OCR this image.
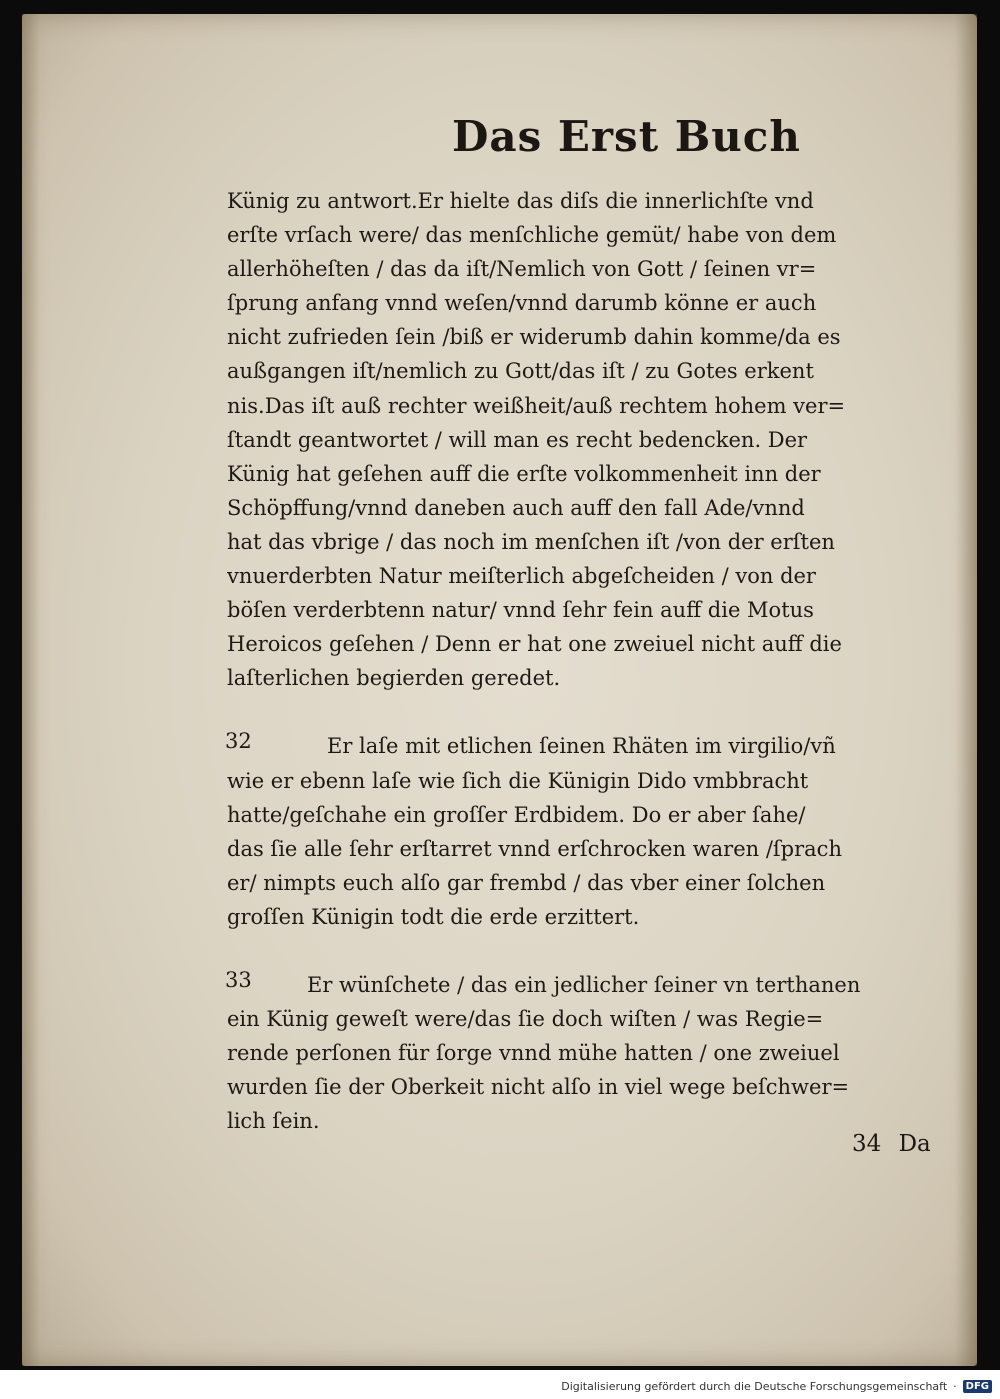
Das Erst Buch
Künig zu antwort.Er hielte das diſs die innerlichſte vnd
erſte vrſach were/ das menſchliche gemüt/ habe von dem
allerhöheſten / das da iſt/Nemlich von Gott / ſeinen vr=
ſprung anfang vnnd weſen/vnnd darumb könne er auch
nicht zufrieden ſein /biß er widerumb dahin komme/da es
außgangen iſt/nemlich zu Gott/das iſt / zu Gotes erkent
nis.Das iſt auß rechter weißheit/auß rechtem hohem ver=
ſtandt geantwortet / will man es recht bedencken. Der
Künig hat geſehen auff die erſte volkommenheit inn der
Schöpffung/vnnd daneben auch auff den fall Ade/vnnd
hat das vbrige / das noch im menſchen iſt /von der erſten
vnuerderbten Natur meiſterlich abgeſcheiden / von der
böſen verderbtenn natur/ vnnd ſehr fein auff die Motus
Heroicos geſehen / Denn er hat one zweiuel nicht auff die
laſterlichen begierden geredet.
32	Er laſe mit etlichen ſeinen Rhäten im virgilio/vñ
wie er ebenn laſe wie ſich die Künigin Dido vmbbracht
hatte/geſchahe ein groſſer Erdbidem. Do er aber ſahe/
das ſie alle ſehr erſtarret vnnd erſchrocken waren /ſprach
er/ nimpts euch alſo gar frembd / das vber einer ſolchen
groſſen Künigin todt die erde erzittert.
33	Er wünſchete / das ein jedlicher ſeiner vn terthanen
ein Künig geweſt were/das ſie doch wiſten / was Regie=
rende perſonen für ſorge vnnd mühe hatten / one zweiuel
wurden ſie der Oberkeit nicht alſo in viel wege beſchwer=
lich ſein.
34 Da
Digitalisierung gefördert durch die Deutsche Forschungsgemeinschaft · DFG
